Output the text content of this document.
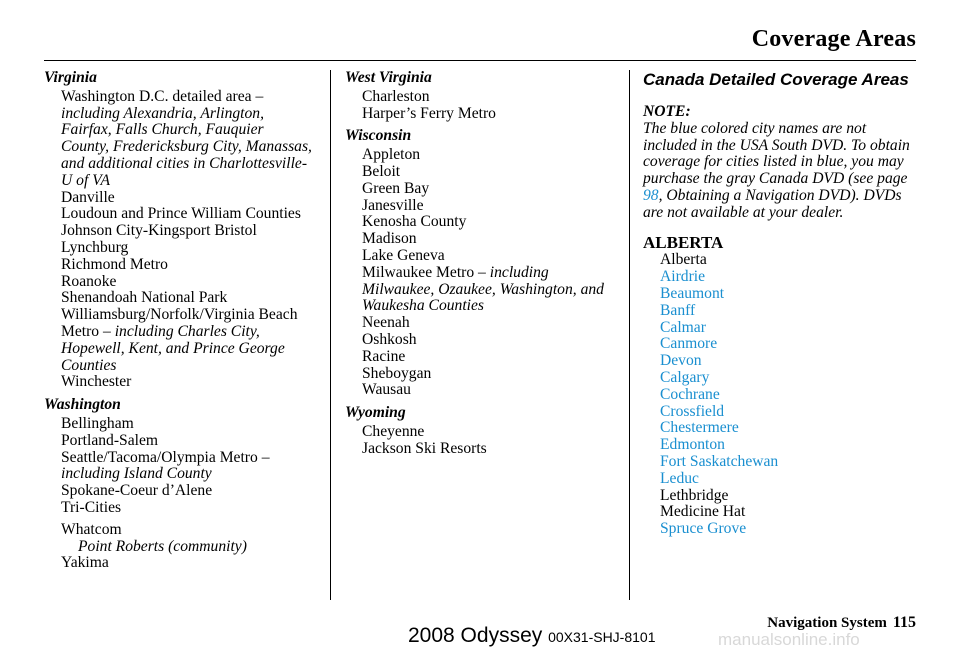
Coverage Areas
Virginia
Washington D.C. detailed area – including Alexandria, Arlington, Fairfax, Falls Church, Fauquier County, Fredericksburg City, Manassas, and additional cities in Charlottesville-U of VA
Danville
Loudoun and Prince William Counties
Johnson City-Kingsport Bristol
Lynchburg
Richmond Metro
Roanoke
Shenandoah National Park
Williamsburg/Norfolk/Virginia Beach Metro – including Charles City, Hopewell, Kent, and Prince George Counties
Winchester
Washington
Bellingham
Portland-Salem
Seattle/Tacoma/Olympia Metro – including Island County
Spokane-Coeur d’Alene
Tri-Cities
Whatcom
Point Roberts (community)
Yakima
West Virginia
Charleston
Harper’s Ferry Metro
Wisconsin
Appleton
Beloit
Green Bay
Janesville
Kenosha County
Madison
Lake Geneva
Milwaukee Metro – including Milwaukee, Ozaukee, Washington, and Waukesha Counties
Neenah
Oshkosh
Racine
Sheboygan
Wausau
Wyoming
Cheyenne
Jackson Ski Resorts
Canada Detailed Coverage Areas
NOTE:
The blue colored city names are not included in the USA South DVD. To obtain coverage for cities listed in blue, you may purchase the gray Canada DVD (see page 98, Obtaining a Navigation DVD). DVDs are not available at your dealer.
ALBERTA
Alberta
Airdrie
Beaumont
Banff
Calmar
Canmore
Devon
Calgary
Cochrane
Crossfield
Chestermere
Edmonton
Fort Saskatchewan
Leduc
Lethbridge
Medicine Hat
Spruce Grove
Navigation System 115
2008 Odyssey 00X31-SHJ-8101	manualsonline.info
